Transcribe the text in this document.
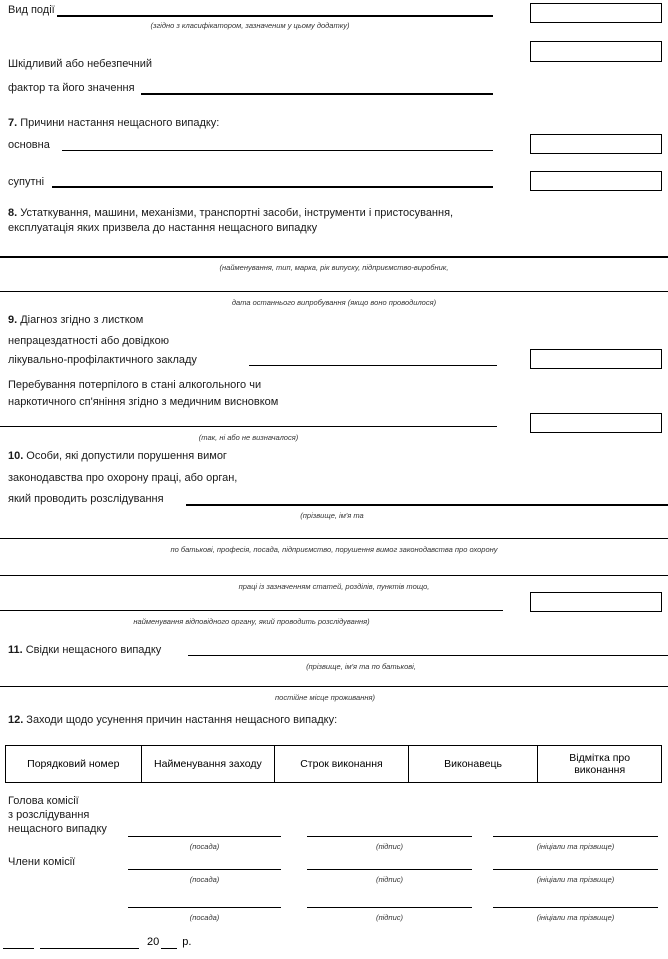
Вид події
(згідно з класифікатором, зазначеним у цьому додатку)
Шкідливий або небезпечний
фактор та його значення
7. Причини настання нещасного випадку:
основна
супутні
8. Устаткування, машини, механізми, транспортні засоби, інструменти і пристосування,
експлуатація яких призвела до настання нещасного випадку
(найменування, тип, марка, рік випуску, підприємство-виробник,
дата останнього випробування (якщо воно проводилося)
9. Діагноз згідно з листком
непрацездатності або довідкою
лікувально-профілактичного закладу
Перебування потерпілого в стані алкогольного чи
наркотичного сп'яніння згідно з медичним висновком
(так, ні або не визначалося)
10. Особи, які допустили порушення вимог
законодавства про охорону праці, або орган,
який проводить розслідування
(прізвище, ім'я та
по батькові, професія, посада, підприємство, порушення вимог законодавства про охорону
праці із зазначенням статей, розділів, пунктів тощо,
найменування відповідного органу, який проводить розслідування)
11. Свідки нещасного випадку
(прізвище, ім'я та по батькові,
постійне місце проживання)
12. Заходи щодо усунення причин настання нещасного випадку:
Порядковий номер	Найменування заходу	Строк виконання	Виконавець	Відмітка про виконання
Голова комісії
з розслідування
нещасного випадку
(посада)	(підпис)	(ініціали та прізвище)
Члени комісії
(посада)	(підпис)	(ініціали та прізвище)
(посада)	(підпис)	(ініціали та прізвище)
20 р.
